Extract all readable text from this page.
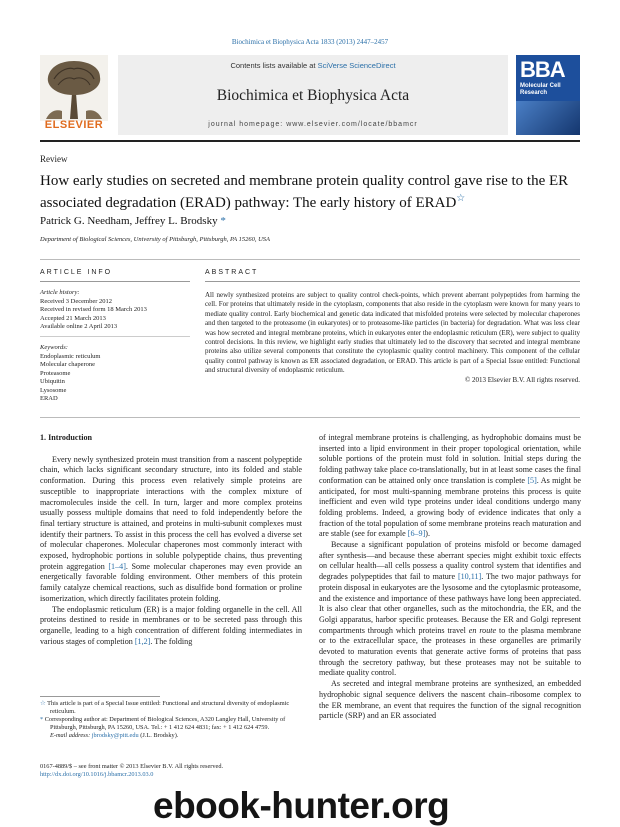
Biochimica et Biophysica Acta 1833 (2013) 2447–2457
ELSEVIER
Contents lists available at SciVerse ScienceDirect
Biochimica et Biophysica Acta
journal homepage: www.elsevier.com/locate/bbamcr
BBA
Molecular Cell Research
Review
How early studies on secreted and membrane protein quality control gave rise to the ER associated degradation (ERAD) pathway: The early history of ERAD☆
Patrick G. Needham, Jeffrey L. Brodsky *
Department of Biological Sciences, University of Pittsburgh, Pittsburgh, PA 15260, USA
ARTICLE INFO
Article history:
Received 3 December 2012
Received in revised form 18 March 2013
Accepted 21 March 2013
Available online 2 April 2013
Keywords:
Endoplasmic reticulum
Molecular chaperone
Proteasome
Ubiquitin
Lysosome
ERAD
ABSTRACT
All newly synthesized proteins are subject to quality control check-points, which prevent aberrant polypeptides from harming the cell. For proteins that ultimately reside in the cytoplasm, components that also reside in the cytoplasm were known for many years to mediate quality control. Early biochemical and genetic data indicated that misfolded proteins were selected by molecular chaperones and then targeted to the proteasome (in eukaryotes) or to proteasome-like particles (in bacteria) for degradation. What was less clear was how secreted and integral membrane proteins, which in eukaryotes enter the endoplasmic reticulum (ER), were subject to quality control decisions. In this review, we highlight early studies that ultimately led to the discovery that secreted and integral membrane proteins also utilize several components that constitute the cytoplasmic quality control machinery. This component of the cellular quality control pathway is known as ER associated degradation, or ERAD. This article is part of a Special Issue entitled: Functional and structural diversity of endoplasmic reticulum.
© 2013 Elsevier B.V. All rights reserved.
1. Introduction

Every newly synthesized protein must transition from a nascent polypeptide chain, which lacks significant secondary structure, into its folded and stable conformation. During this process even relatively simple proteins are susceptible to inappropriate interactions with the complex mixture of macromolecules inside the cell. In turn, larger and more complex proteins usually possess multiple domains that need to fold independently before the final tertiary structure is attained, and proteins in multi-subunit complexes must identify their partners. To assist in this process the cell has evolved a diverse set of molecular chaperones. Molecular chaperones most commonly interact with exposed, hydrophobic portions in soluble polypeptide chains, thus preventing protein aggregation [1–4]. Some molecular chaperones may even provide an energetically favorable folding environment. Other members of this protein family catalyze chemical reactions, such as disulfide bond formation or proline isomerization, which directly facilitates protein folding.

The endoplasmic reticulum (ER) is a major folding organelle in the cell. All proteins destined to reside in membranes or to be secreted pass through this organelle, leading to a high concentration of different folding intermediates in various stages of completion [1,2]. The folding

of integral membrane proteins is challenging, as hydrophobic domains must be inserted into a lipid environment in their proper topological orientation, while soluble portions of the protein must fold in solution. Initial steps during the folding pathway take place co-translationally, but in at least some cases the final conformation can be attained only once translation is complete [5]. As might be anticipated, for most multi-spanning membrane proteins this process is quite inefficient and even wild type proteins under ideal conditions undergo many folding problems. Indeed, a growing body of evidence indicates that only a fraction of the total population of some membrane proteins reach maturation and are stable (see for example [6–9]).

Because a significant population of proteins misfold or become damaged after synthesis—and because these aberrant species might exhibit toxic effects on cellular health—all cells possess a quality control system that identifies and degrades polypeptides that fail to mature [10,11]. The two major pathways for protein disposal in eukaryotes are the lysosome and the cytoplasmic proteasome, and the existence and importance of these pathways have long been appreciated. It is also clear that other organelles, such as the mitochondria, the ER, and the Golgi apparatus, harbor specific proteases. Because the ER and Golgi represent compartments through which proteins travel en route to the plasma membrane or to the extracellular space, the proteases in these organelles are primarily devoted to maturation events that generate active forms of proteins that pass through the secretory pathway, but these proteases may not be suitable to mediate quality control.

As secreted and integral membrane proteins are synthesized, an embedded hydrophobic signal sequence delivers the nascent chain–ribosome complex to the ER membrane, an event that requires the function of the signal recognition particle (SRP) and an ER associated

☆ This article is part of a Special Issue entitled: Functional and structural diversity of endoplasmic reticulum.

* Corresponding author at: Department of Biological Sciences, A320 Langley Hall, University of Pittsburgh, Pittsburgh, PA 15260, USA. Tel.: + 1 412 624 4831; fax: + 1 412 624 4759.

E-mail address: jbrodsky@pitt.edu (J.L. Brodsky).

0167-4889/$ – see front matter © 2013 Elsevier B.V. All rights reserved.
http://dx.doi.org/10.1016/j.bbamcr.2013.03.0
ebook-hunter.org
